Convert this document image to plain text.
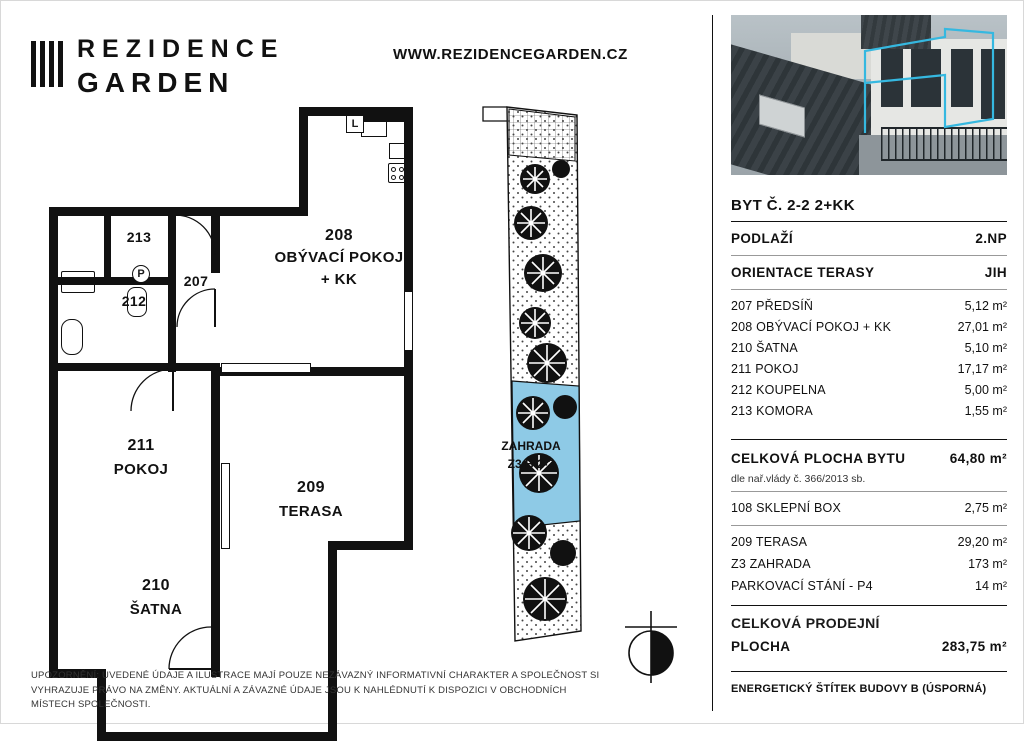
REZIDENCE
GARDEN
WWW.REZIDENCEGARDEN.CZ
L
P
213
212
207
208
OBÝVACÍ POKOJ
+ KK
211
POKOJ
209
TERASA
210
ŠATNA
ZAHRADA
Z3 B 2-2
UPOZORNĚNÍ: UVEDENÉ ÚDAJE A ILUSTRACE MAJÍ POUZE NEZÁVAZNÝ INFORMATIVNÍ CHARAKTER A SPOLEČNOST SI VYHRAZUJE PRÁVO NA ZMĚNY. AKTUÁLNÍ A ZÁVAZNÉ ÚDAJE JSOU K NAHLÉDNUTÍ K DISPOZICI V OBCHODNÍCH MÍSTECH SPOLEČNOSTI.
BYT Č. 2-2 2+KK
PODLAŽÍ	2.NP
ORIENTACE TERASY	JIH
207 PŘEDSÍŇ	5,12 m²
208 OBÝVACÍ POKOJ + KK	27,01 m²
210 ŠATNA	5,10 m²
211 POKOJ	17,17 m²
212 KOUPELNA	5,00 m²
213 KOMORA	1,55 m²
CELKOVÁ PLOCHA BYTU	64,80 m²
dle nař.vlády č. 366/2013 sb.
108 SKLEPNÍ BOX	2,75 m²
209 TERASA	29,20 m²
Z3 ZAHRADA	173 m²
PARKOVACÍ STÁNÍ - P4	14 m²
CELKOVÁ PRODEJNÍ
PLOCHA	283,75 m²
ENERGETICKÝ ŠTÍTEK BUDOVY B (ÚSPORNÁ)
